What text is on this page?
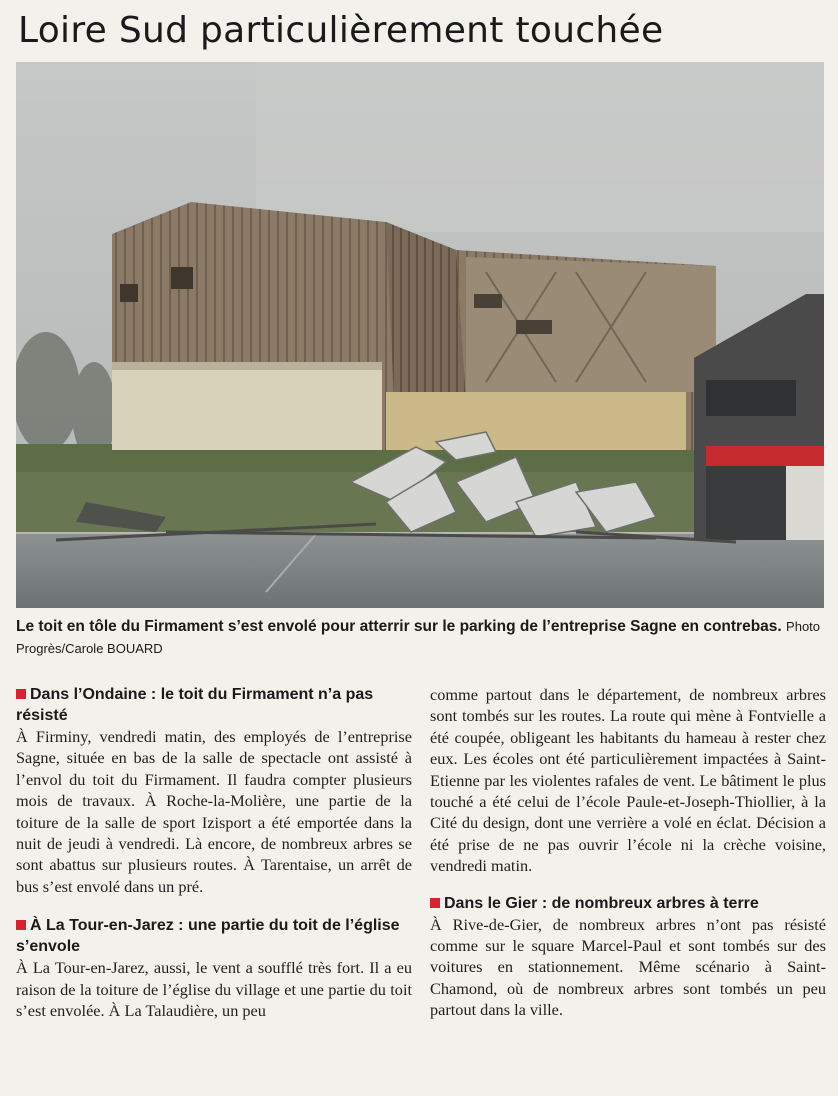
Loire Sud particulièrement touchée
Le toit en tôle du Firmament s’est envolé pour atterrir sur le parking de l’entreprise Sagne en contrebas. Photo Progrès/Carole BOUARD
Dans l’Ondaine : le toit du Firmament n’a pas résisté

À Firminy, vendredi matin, des employés de l’entreprise Sagne, située en bas de la salle de spectacle ont assisté à l’envol du toit du Firmament. Il faudra compter plusieurs mois de travaux. À Roche-la-Molière, une partie de la toiture de la salle de sport Izisport a été emportée dans la nuit de jeudi à vendredi. Là encore, de nombreux arbres se sont abattus sur plusieurs routes. À Tarentaise, un arrêt de bus s’est envolé dans un pré.

À La Tour-en-Jarez : une partie du toit de l’église s’envole

À La Tour-en-Jarez, aussi, le vent a soufflé très fort. Il a eu raison de la toiture de l’église du village et une partie du toit s’est envolée. À La Talaudière, un peu

comme partout dans le département, de nombreux arbres sont tombés sur les routes. La route qui mène à Fontvielle a été coupée, obligeant les habitants du hameau à rester chez eux. Les écoles ont été particulièrement impactées à Saint-Etienne par les violentes rafales de vent. Le bâtiment le plus touché a été celui de l’école Paule-et-Joseph-Thiollier, à la Cité du design, dont une verrière a volé en éclat. Décision a été prise de ne pas ouvrir l’école ni la crèche voisine, vendredi matin.

Dans le Gier : de nombreux arbres à terre

À Rive-de-Gier, de nombreux arbres n’ont pas résisté comme sur le square Marcel-Paul et sont tombés sur des voitures en stationnement. Même scénario à Saint-Chamond, où de nombreux arbres sont tombés un peu partout dans la ville.
